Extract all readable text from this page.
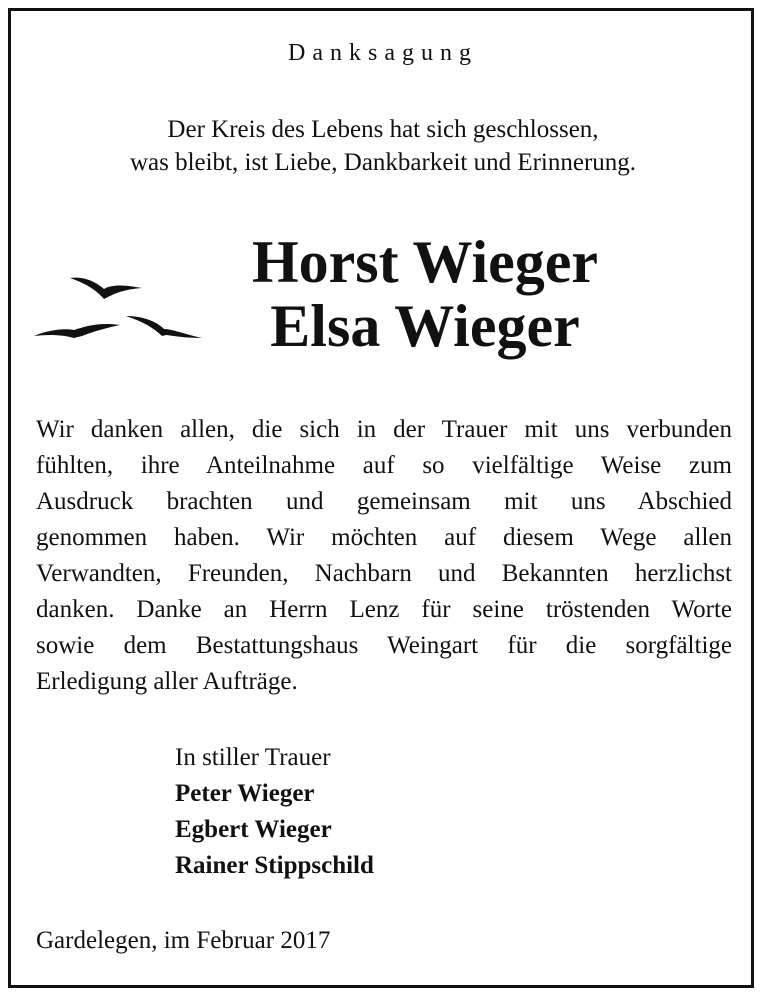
Danksagung
Der Kreis des Lebens hat sich geschlossen,
was bleibt, ist Liebe, Dankbarkeit und Erinnerung.
Horst Wieger
Elsa Wieger
Wir danken allen, die sich in der Trauer mit uns verbunden
fühlten, ihre Anteilnahme auf so vielfältige Weise zum
Ausdruck brachten und gemeinsam mit uns Abschied
genommen haben. Wir möchten auf diesem Wege allen
Verwandten, Freunden, Nachbarn und Bekannten herzlichst
danken. Danke an Herrn Lenz für seine tröstenden Worte
sowie dem Bestattungshaus Weingart für die sorgfältige
Erledigung aller Aufträge.
In stiller Trauer
Peter Wieger
Egbert Wieger
Rainer Stippschild
Gardelegen, im Februar 2017
